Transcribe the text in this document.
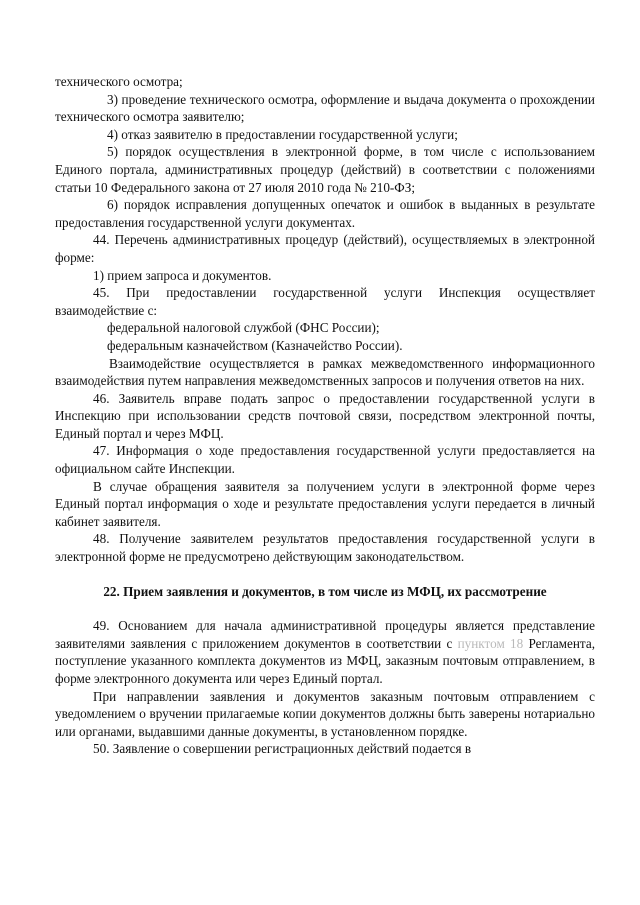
технического осмотра;

3) проведение технического осмотра, оформление и выдача документа о прохождении технического осмотра заявителю;

4) отказ заявителю в предоставлении государственной услуги;

5) порядок осуществления в электронной форме, в том числе с использованием Единого портала, административных процедур (действий) в соответствии с положениями статьи 10 Федерального закона от 27 июля 2010 года № 210-ФЗ;

6) порядок исправления допущенных опечаток и ошибок в выданных в результате предоставления государственной услуги документах.

44. Перечень административных процедур (действий), осуществляемых в электронной форме:

1) прием запроса и документов.

45. При предоставлении государственной услуги Инспекция осуществляет взаимодействие с:

федеральной налоговой службой (ФНС России);

федеральным казначейством (Казначейство России).

Взаимодействие осуществляется в рамках межведомственного информационного взаимодействия путем направления межведомственных запросов и получения ответов на них.

46. Заявитель вправе подать запрос о предоставлении государственной услуги в Инспекцию при использовании средств почтовой связи, посредством электронной почты, Единый портал и через МФЦ.

47. Информация о ходе предоставления государственной услуги предоставляется на официальном сайте Инспекции.

В случае обращения заявителя за получением услуги в электронной форме через Единый портал информация о ходе и результате предоставления услуги передается в личный кабинет заявителя.

48. Получение заявителем результатов предоставления государственной услуги в электронной форме не предусмотрено действующим законодательством.

22. Прием заявления и документов, в том числе из МФЦ, их рассмотрение

49. Основанием для начала административной процедуры является представление заявителями заявления с приложением документов в соответствии с пунктом 18 Регламента, поступление указанного комплекта документов из МФЦ, заказным почтовым отправлением, в форме электронного документа или через Единый портал.

При направлении заявления и документов заказным почтовым отправлением с уведомлением о вручении прилагаемые копии документов должны быть заверены нотариально или органами, выдавшими данные документы, в установленном порядке.

50. Заявление о совершении регистрационных действий подается в
